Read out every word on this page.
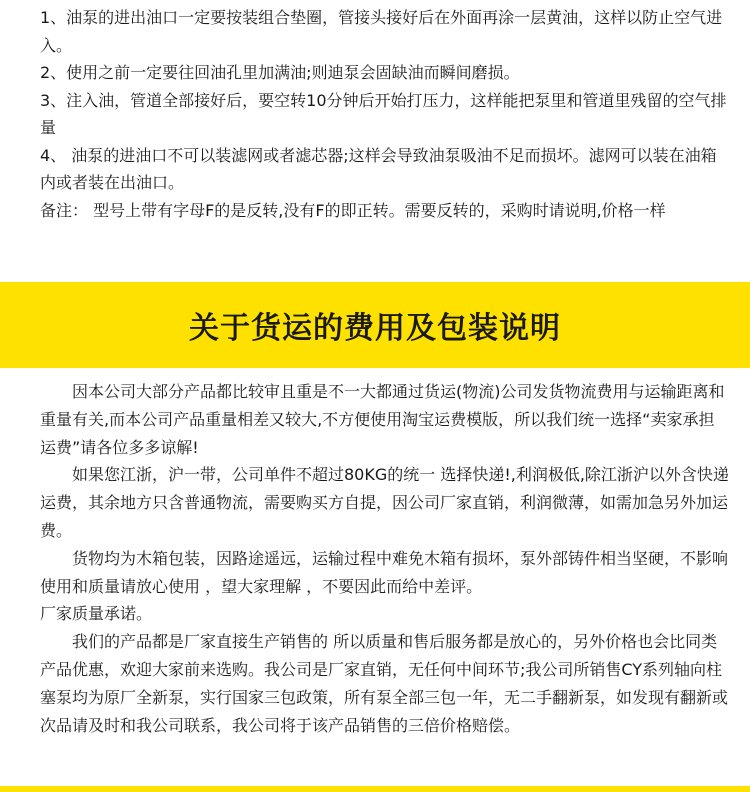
1、油泵的进出油口一定要按装组合垫圈，管接头接好后在外面再涂一层黄油，这样以防止空气进入。

2、使用之前一定要往回油孔里加满油;则迪泵会固缺油而瞬间磨损。

3、注入油，管道全部接好后，要空转10分钟后开始打压力，这样能把泵里和管道里残留的空气排量

4、 油泵的进油口不可以装滤网或者滤芯器;这样会导致油泵吸油不足而损坏。滤网可以装在油箱内或者装在出油口。

备注： 型号上带有字母F的是反转,没有F的即正转。需要反转的，采购时请说明,价格一样

关于货运的费用及包装说明

　　因本公司大部分产品都比较审且重是不一大都通过货运(物流)公司发货物流费用与运输距离和重量有关,而本公司产品重量相差又较大,不方便使用淘宝运费模版，所以我们统一选择“卖家承担运费”请各位多多谅解!

　　如果您江浙，沪一带，公司单件不超过80KG的统一 选择快递!,利润极低,除江浙沪以外含快递运费，其余地方只含普通物流，需要购买方自提，因公司厂家直销，利润微薄，如需加急另外加运费。

　　货物均为木箱包装，因路途遥远，运输过程中难免木箱有损坏，泵外部铸件相当坚硬，不影响使用和质量请放心使用 ，望大家理解 ，不要因此而给中差评。

厂家质量承诺。

　　我们的产品都是厂家直接生产销售的 所以质量和售后服务都是放心的，另外价格也会比同类产品优惠，欢迎大家前来选购。我公司是厂家直销，无任何中间环节;我公司所销售CY系列轴向柱塞泵均为原厂全新泵，实行国家三包政策，所有泵全部三包一年，无二手翻新泵，如发现有翻新或次品请及时和我公司联系，我公司将于该产品销售的三倍价格赔偿。
